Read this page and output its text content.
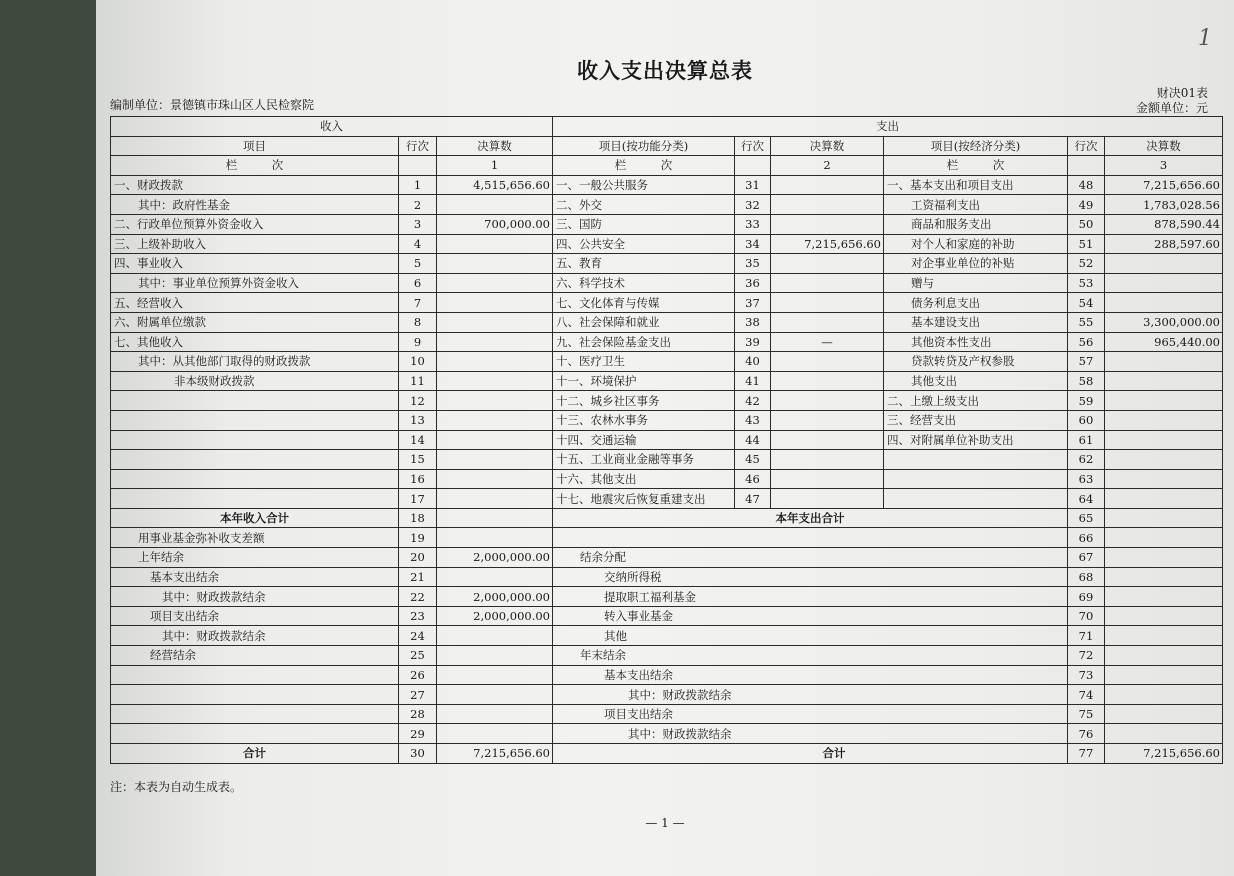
1
收入支出决算总表
编制单位：景德镇市珠山区人民检察院
财决01表
金额单位：元
收入			支出					
项目	行次	决算数	项目(按功能分类)	行次	决算数	项目(按经济分类)	行次	决算数
栏　　　次		1	栏　　　次		2	栏　　　次		3
一、财政拨款	1	4,515,656.60	一、一般公共服务	31		一、基本支出和项目支出	48	7,215,656.60
其中：政府性基金	2		二、外交	32		工资福利支出	49	1,783,028.56
二、行政单位预算外资金收入	3	700,000.00	三、国防	33		商品和服务支出	50	878,590.44
三、上级补助收入	4		四、公共安全	34	7,215,656.60	对个人和家庭的补助	51	288,597.60
四、事业收入	5		五、教育	35		对企事业单位的补贴	52	
其中：事业单位预算外资金收入	6		六、科学技术	36		赠与	53	
五、经营收入	7		七、文化体育与传媒	37		债务利息支出	54	
六、附属单位缴款	8		八、社会保障和就业	38		基本建设支出	55	3,300,000.00
七、其他收入	9		九、社会保险基金支出	39	—	其他资本性支出	56	965,440.00
其中：从其他部门取得的财政拨款	10		十、医疗卫生	40		贷款转贷及产权参股	57	
非本级财政拨款	11		十一、环境保护	41		其他支出	58	
	12		十二、城乡社区事务	42		二、上缴上级支出	59	
	13		十三、农林水事务	43		三、经营支出	60	
	14		十四、交通运输	44		四、对附属单位补助支出	61	
	15		十五、工业商业金融等事务	45			62	
	16		十六、其他支出	46			63	
	17		十七、地震灾后恢复重建支出	47			64	
本年收入合计	18		本年支出合计				65	
用事业基金弥补收支差额	19						66	
上年结余	20	2,000,000.00	结余分配				67	
基本支出结余	21		交纳所得税				68	
其中：财政拨款结余	22	2,000,000.00	提取职工福利基金				69	
项目支出结余	23	2,000,000.00	转入事业基金				70	
其中：财政拨款结余	24		其他				71	
经营结余	25		年末结余				72	
	26		基本支出结余				73	
	27		其中：财政拨款结余				74	
	28		项目支出结余				75	
	29		其中：财政拨款结余				76	
合计	30	7,215,656.60	合计				77	7,215,656.60
注：本表为自动生成表。
— 1 —
